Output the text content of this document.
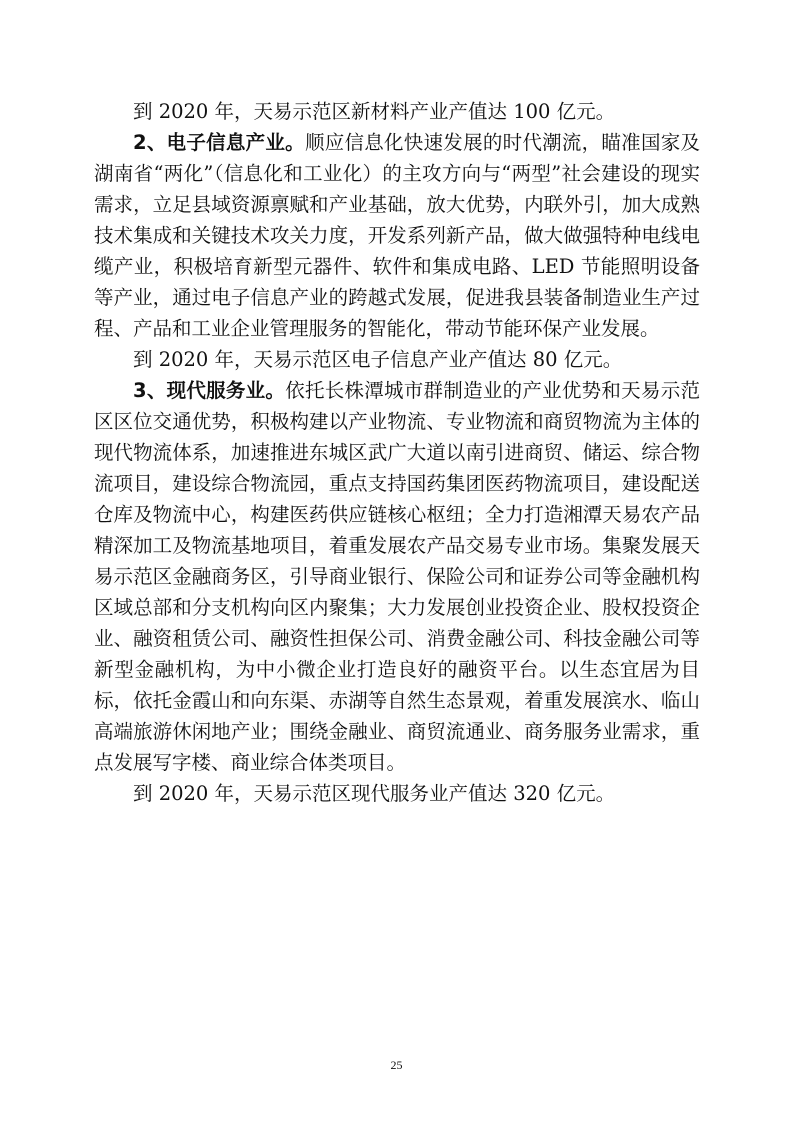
到 2020 年，天易示范区新材料产业产值达 100 亿元。

2、电子信息产业。顺应信息化快速发展的时代潮流，瞄准国家及湖南省“两化”（信息化和工业化）的主攻方向与“两型”社会建设的现实需求，立足县域资源禀赋和产业基础，放大优势，内联外引，加大成熟技术集成和关键技术攻关力度，开发系列新产品，做大做强特种电线电缆产业，积极培育新型元器件、软件和集成电路、LED 节能照明设备等产业，通过电子信息产业的跨越式发展，促进我县装备制造业生产过程、产品和工业企业管理服务的智能化，带动节能环保产业发展。

到 2020 年，天易示范区电子信息产业产值达 80 亿元。

3、现代服务业。依托长株潭城市群制造业的产业优势和天易示范区区位交通优势，积极构建以产业物流、专业物流和商贸物流为主体的现代物流体系，加速推进东城区武广大道以南引进商贸、储运、综合物流项目，建设综合物流园，重点支持国药集团医药物流项目，建设配送仓库及物流中心，构建医药供应链核心枢纽；全力打造湘潭天易农产品精深加工及物流基地项目，着重发展农产品交易专业市场。集聚发展天易示范区金融商务区，引导商业银行、保险公司和证券公司等金融机构区域总部和分支机构向区内聚集；大力发展创业投资企业、股权投资企业、融资租赁公司、融资性担保公司、消费金融公司、科技金融公司等新型金融机构，为中小微企业打造良好的融资平台。以生态宜居为目标，依托金霞山和向东渠、赤湖等自然生态景观，着重发展滨水、临山高端旅游休闲地产业；围绕金融业、商贸流通业、商务服务业需求，重点发展写字楼、商业综合体类项目。

到 2020 年，天易示范区现代服务业产值达 320 亿元。

25
